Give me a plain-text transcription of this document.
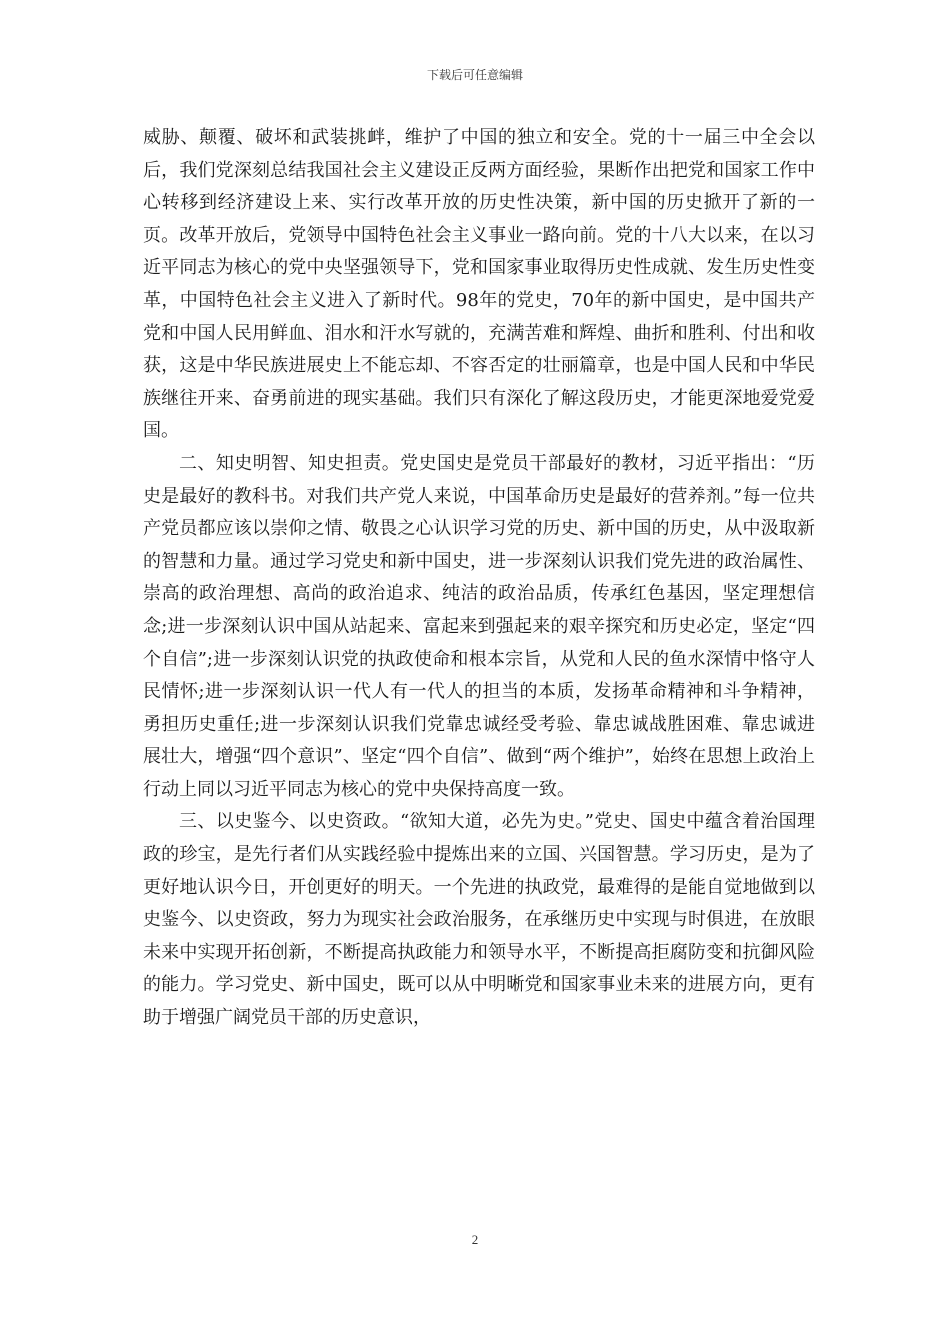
下载后可任意编辑

威胁、颠覆、破坏和武装挑衅，维护了中国的独立和安全。党的十一届三中全会以后，我们党深刻总结我国社会主义建设正反两方面经验，果断作出把党和国家工作中心转移到经济建设上来、实行改革开放的历史性决策，新中国的历史掀开了新的一页。改革开放后，党领导中国特色社会主义事业一路向前。党的十八大以来，在以习近平同志为核心的党中央坚强领导下，党和国家事业取得历史性成就、发生历史性变革，中国特色社会主义进入了新时代。98年的党史，70年的新中国史，是中国共产党和中国人民用鲜血、泪水和汗水写就的，充满苦难和辉煌、曲折和胜利、付出和收获，这是中华民族进展史上不能忘却、不容否定的壮丽篇章，也是中国人民和中华民族继往开来、奋勇前进的现实基础。我们只有深化了解这段历史，才能更深地爱党爱国。

二、知史明智、知史担责。党史国史是党员干部最好的教材，习近平指出：“历史是最好的教科书。对我们共产党人来说，中国革命历史是最好的营养剂。”每一位共产党员都应该以崇仰之情、敬畏之心认识学习党的历史、新中国的历史，从中汲取新的智慧和力量。通过学习党史和新中国史，进一步深刻认识我们党先进的政治属性、崇高的政治理想、高尚的政治追求、纯洁的政治品质，传承红色基因，坚定理想信念;进一步深刻认识中国从站起来、富起来到强起来的艰辛探究和历史必定，坚定“四个自信”;进一步深刻认识党的执政使命和根本宗旨，从党和人民的鱼水深情中恪守人民情怀;进一步深刻认识一代人有一代人的担当的本质，发扬革命精神和斗争精神，勇担历史重任;进一步深刻认识我们党靠忠诚经受考验、靠忠诚战胜困难、靠忠诚进展壮大，增强“四个意识”、坚定“四个自信”、做到“两个维护”，始终在思想上政治上行动上同以习近平同志为核心的党中央保持高度一致。

三、以史鉴今、以史资政。“欲知大道，必先为史。”党史、国史中蕴含着治国理政的珍宝，是先行者们从实践经验中提炼出来的立国、兴国智慧。学习历史，是为了更好地认识今日，开创更好的明天。一个先进的执政党，最难得的是能自觉地做到以史鉴今、以史资政，努力为现实社会政治服务，在承继历史中实现与时俱进，在放眼未来中实现开拓创新，不断提高执政能力和领导水平，不断提高拒腐防变和抗御风险的能力。学习党史、新中国史，既可以从中明晰党和国家事业未来的进展方向，更有助于增强广阔党员干部的历史意识，

2
